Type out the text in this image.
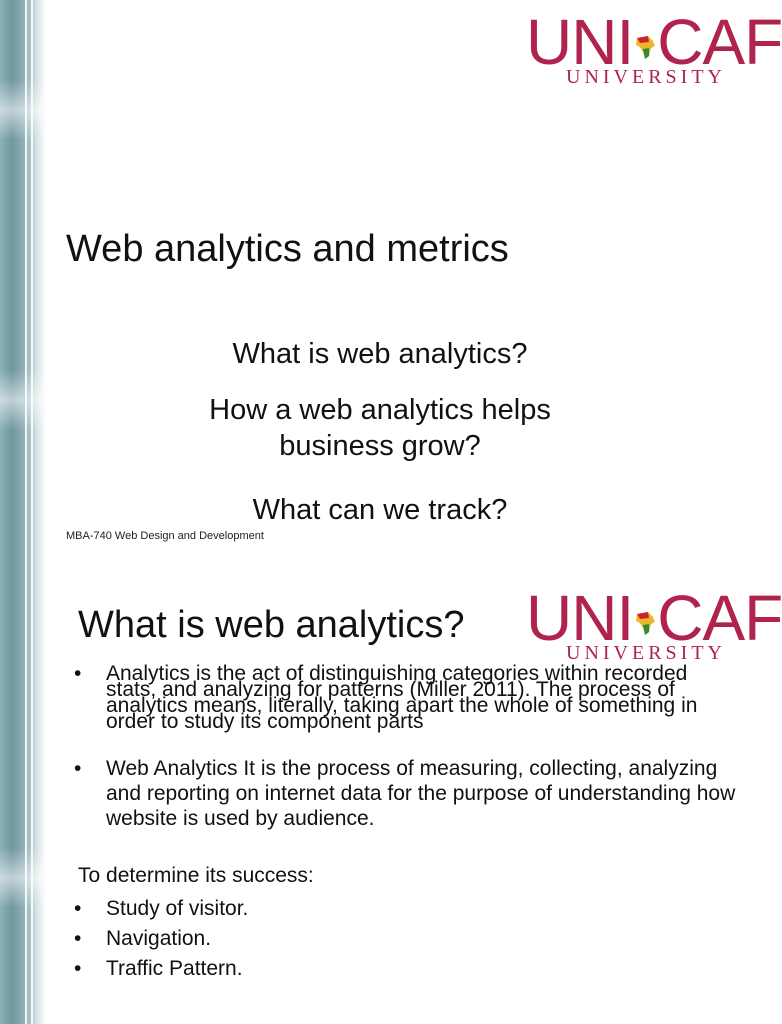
UNI CAF
UNIVERSITY
Web analytics and metrics
What is web analytics?
How a web analytics helps business grow?
What can we track?
MBA-740 Web Design and Development
UNI CAF
UNIVERSITY
What is web analytics?
• Analytics is the act of distinguishing categories within recorded stats, and analyzing for patterns (Miller 2011). The process of analytics means, literally, taking apart the whole of something in order to study its component parts
• Web Analytics It is the process of measuring, collecting, analyzing and reporting on internet data for the purpose of understanding how website is used by audience.
To determine its success:
• Study of visitor.
• Navigation.
• Traffic Pattern.
